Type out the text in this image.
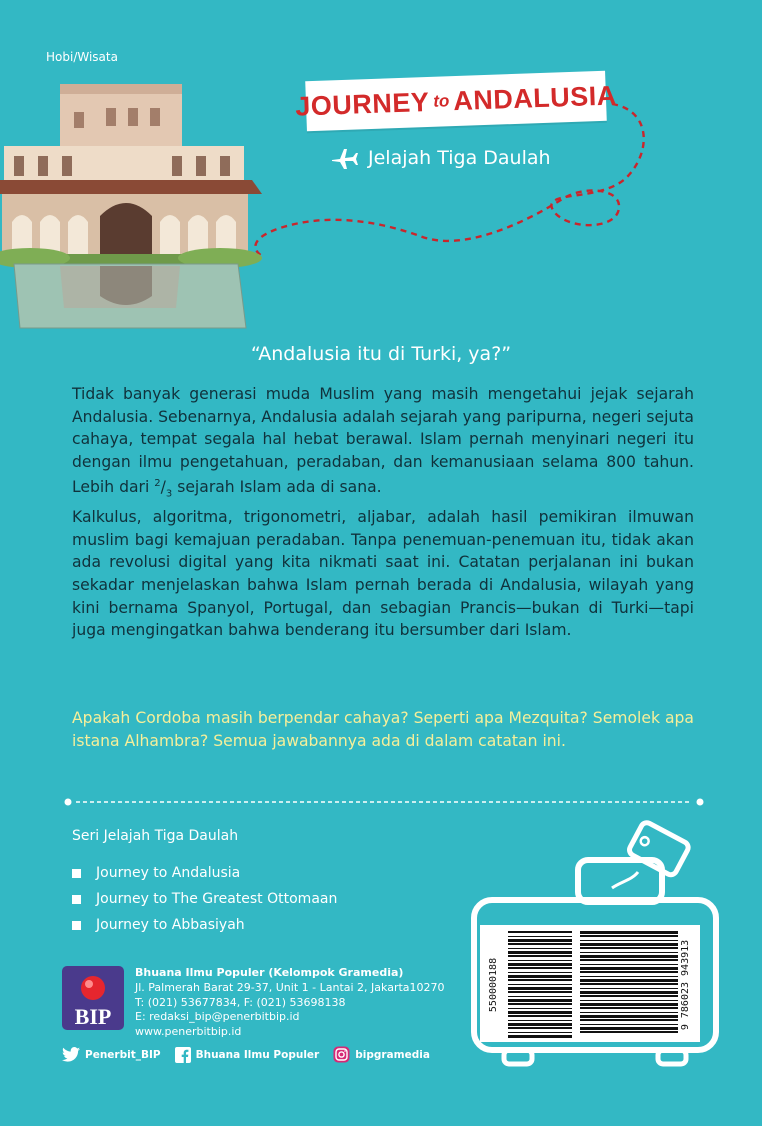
Hobi/Wisata
JOURNEY to ANDALUSIA
Jelajah Tiga Daulah
“Andalusia itu di Turki, ya?”

Tidak banyak generasi muda Muslim yang masih mengetahui jejak sejarah Andalusia. Sebenarnya, Andalusia adalah sejarah yang paripurna, negeri sejuta cahaya, tempat segala hal hebat berawal. Islam pernah menyinari negeri itu dengan ilmu pengetahuan, peradaban, dan kemanusiaan selama 800 tahun. Lebih dari $^2/_3$ sejarah Islam ada di sana.

Kalkulus, algoritma, trigonometri, aljabar, adalah hasil pemikiran ilmuwan muslim bagi kemajuan peradaban. Tanpa penemuan-penemuan itu, tidak akan ada revolusi digital yang kita nikmati saat ini. Catatan perjalanan ini bukan sekadar menjelaskan bahwa Islam pernah berada di Andalusia, wilayah yang kini bernama Spanyol, Portugal, dan sebagian Prancis—bukan di Turki—tapi juga mengingatkan bahwa benderang itu bersumber dari Islam.

Apakah Cordoba masih berpendar cahaya? Seperti apa Mezquita? Semolek apa istana Alhambra? Semua jawabannya ada di dalam catatan ini.
Seri Jelajah Tiga Daulah
Journey to Andalusia
Journey to The Greatest Ottomaan
Journey to Abbasiyah
BIP
Bhuana Ilmu Populer (Kelompok Gramedia)
Jl. Palmerah Barat 29-37, Unit 1 - Lantai 2, Jakarta10270
T: (021) 53677834, F: (021) 53698138
E: redaksi_bip@penerbitbip.id
www.penerbitbip.id
Penerbit_BIP	Bhuana Ilmu Populer	bipgramedia
9 786023 943913
550000188
